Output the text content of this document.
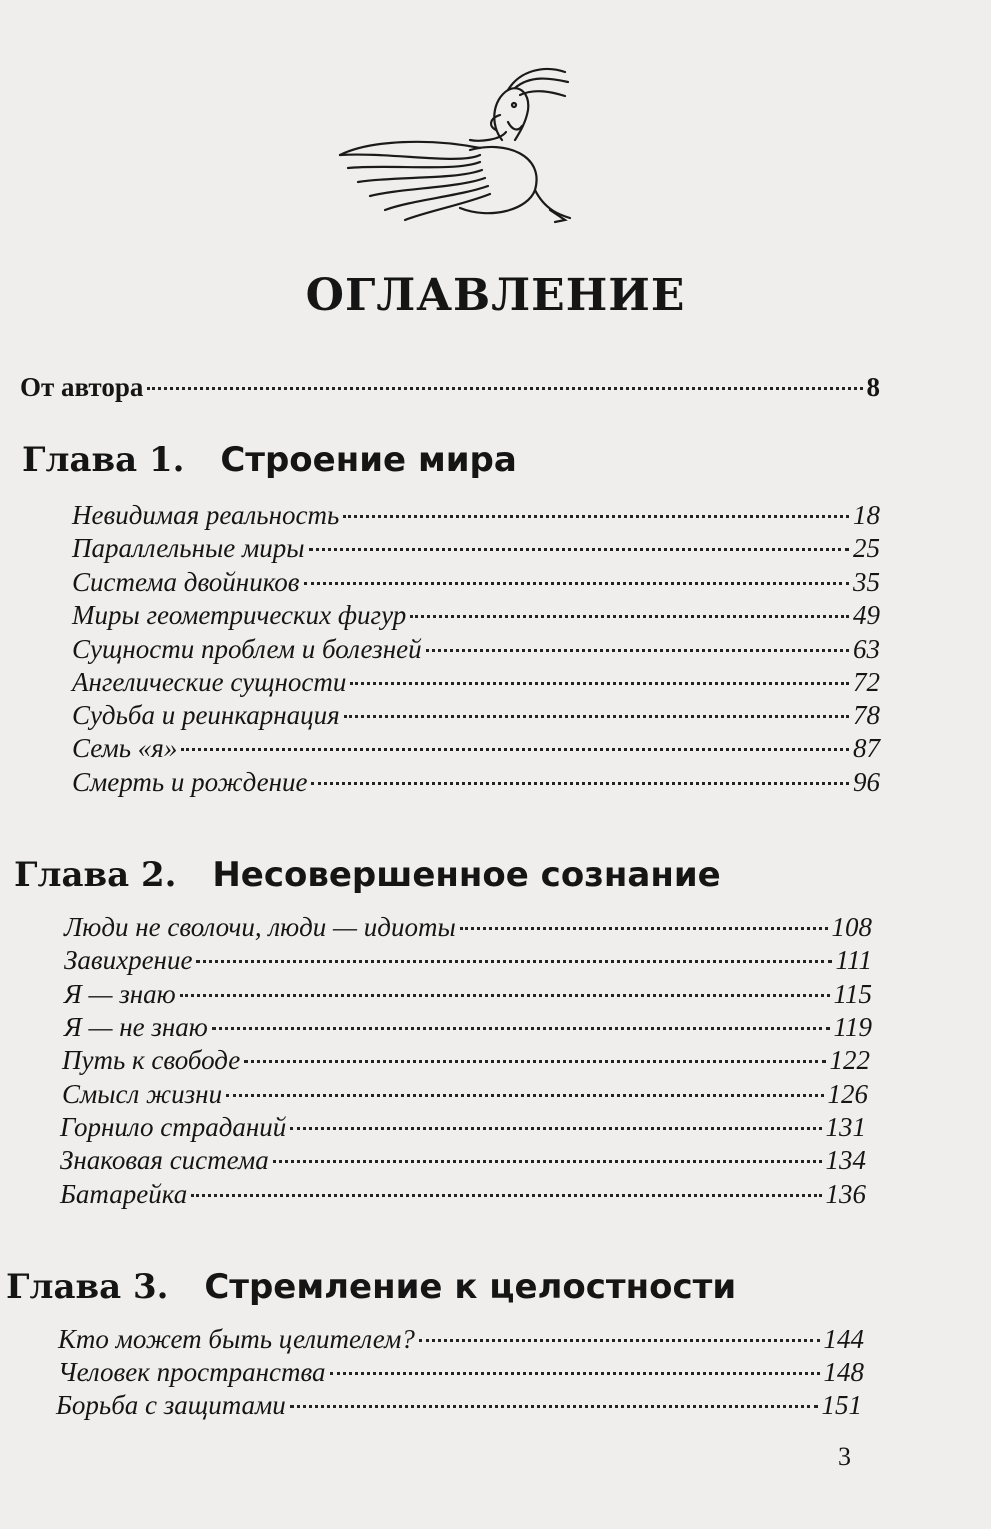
ОГЛАВЛЕНИЕ
От автора	8
Глава 1. Строение мира
Невидимая реальность	18
Параллельные миры	25
Система двойников	35
Миры геометрических фигур	49
Сущности проблем и болезней	63
Ангелические сущности	72
Судьба и реинкарнация	78
Семь «я»	87
Смерть и рождение	96
Глава 2. Несовершенное сознание
Люди не сволочи, люди — идиоты	108
Завихрение	111
Я — знаю	115
Я — не знаю	119
Путь к свободе	122
Смысл жизни	126
Горнило страданий	131
Знаковая система	134
Батарейка	136
Глава 3. Стремление к целостности
Кто может быть целителем?	144
Человек пространства	148
Борьба с защитами	151
3
